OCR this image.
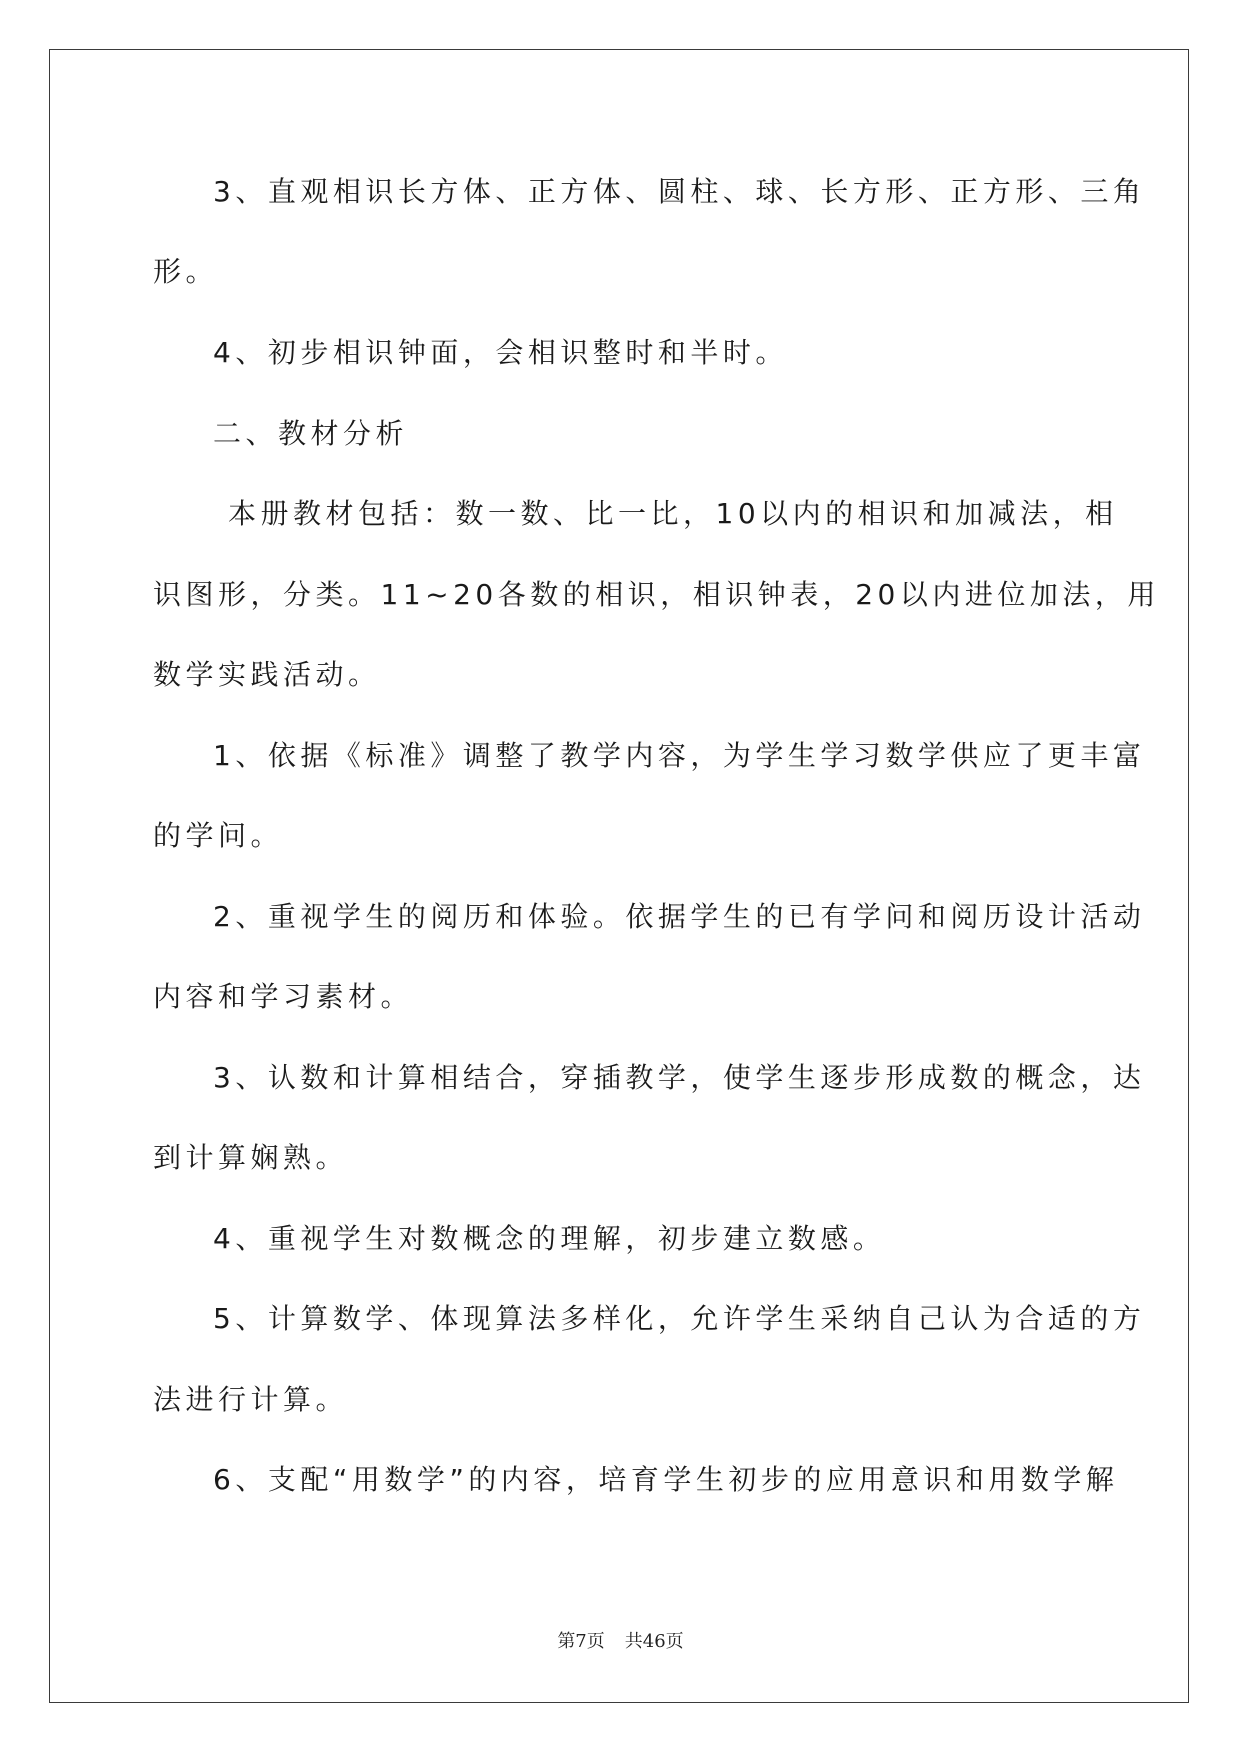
3、直观相识长方体、正方体、圆柱、球、长方形、正方形、三角
形。
4、初步相识钟面，会相识整时和半时。
二、教材分析
本册教材包括：数一数、比一比，10以内的相识和加减法，相
识图形，分类。11~20各数的相识，相识钟表，20以内进位加法，用
数学实践活动。
1、依据《标准》调整了教学内容，为学生学习数学供应了更丰富
的学问。
2、重视学生的阅历和体验。依据学生的已有学问和阅历设计活动
内容和学习素材。
3、认数和计算相结合，穿插教学，使学生逐步形成数的概念，达
到计算娴熟。
4、重视学生对数概念的理解，初步建立数感。
5、计算数学、体现算法多样化，允许学生采纳自己认为合适的方
法进行计算。
6、支配“用数学”的内容，培育学生初步的应用意识和用数学解
第7页 共46页
